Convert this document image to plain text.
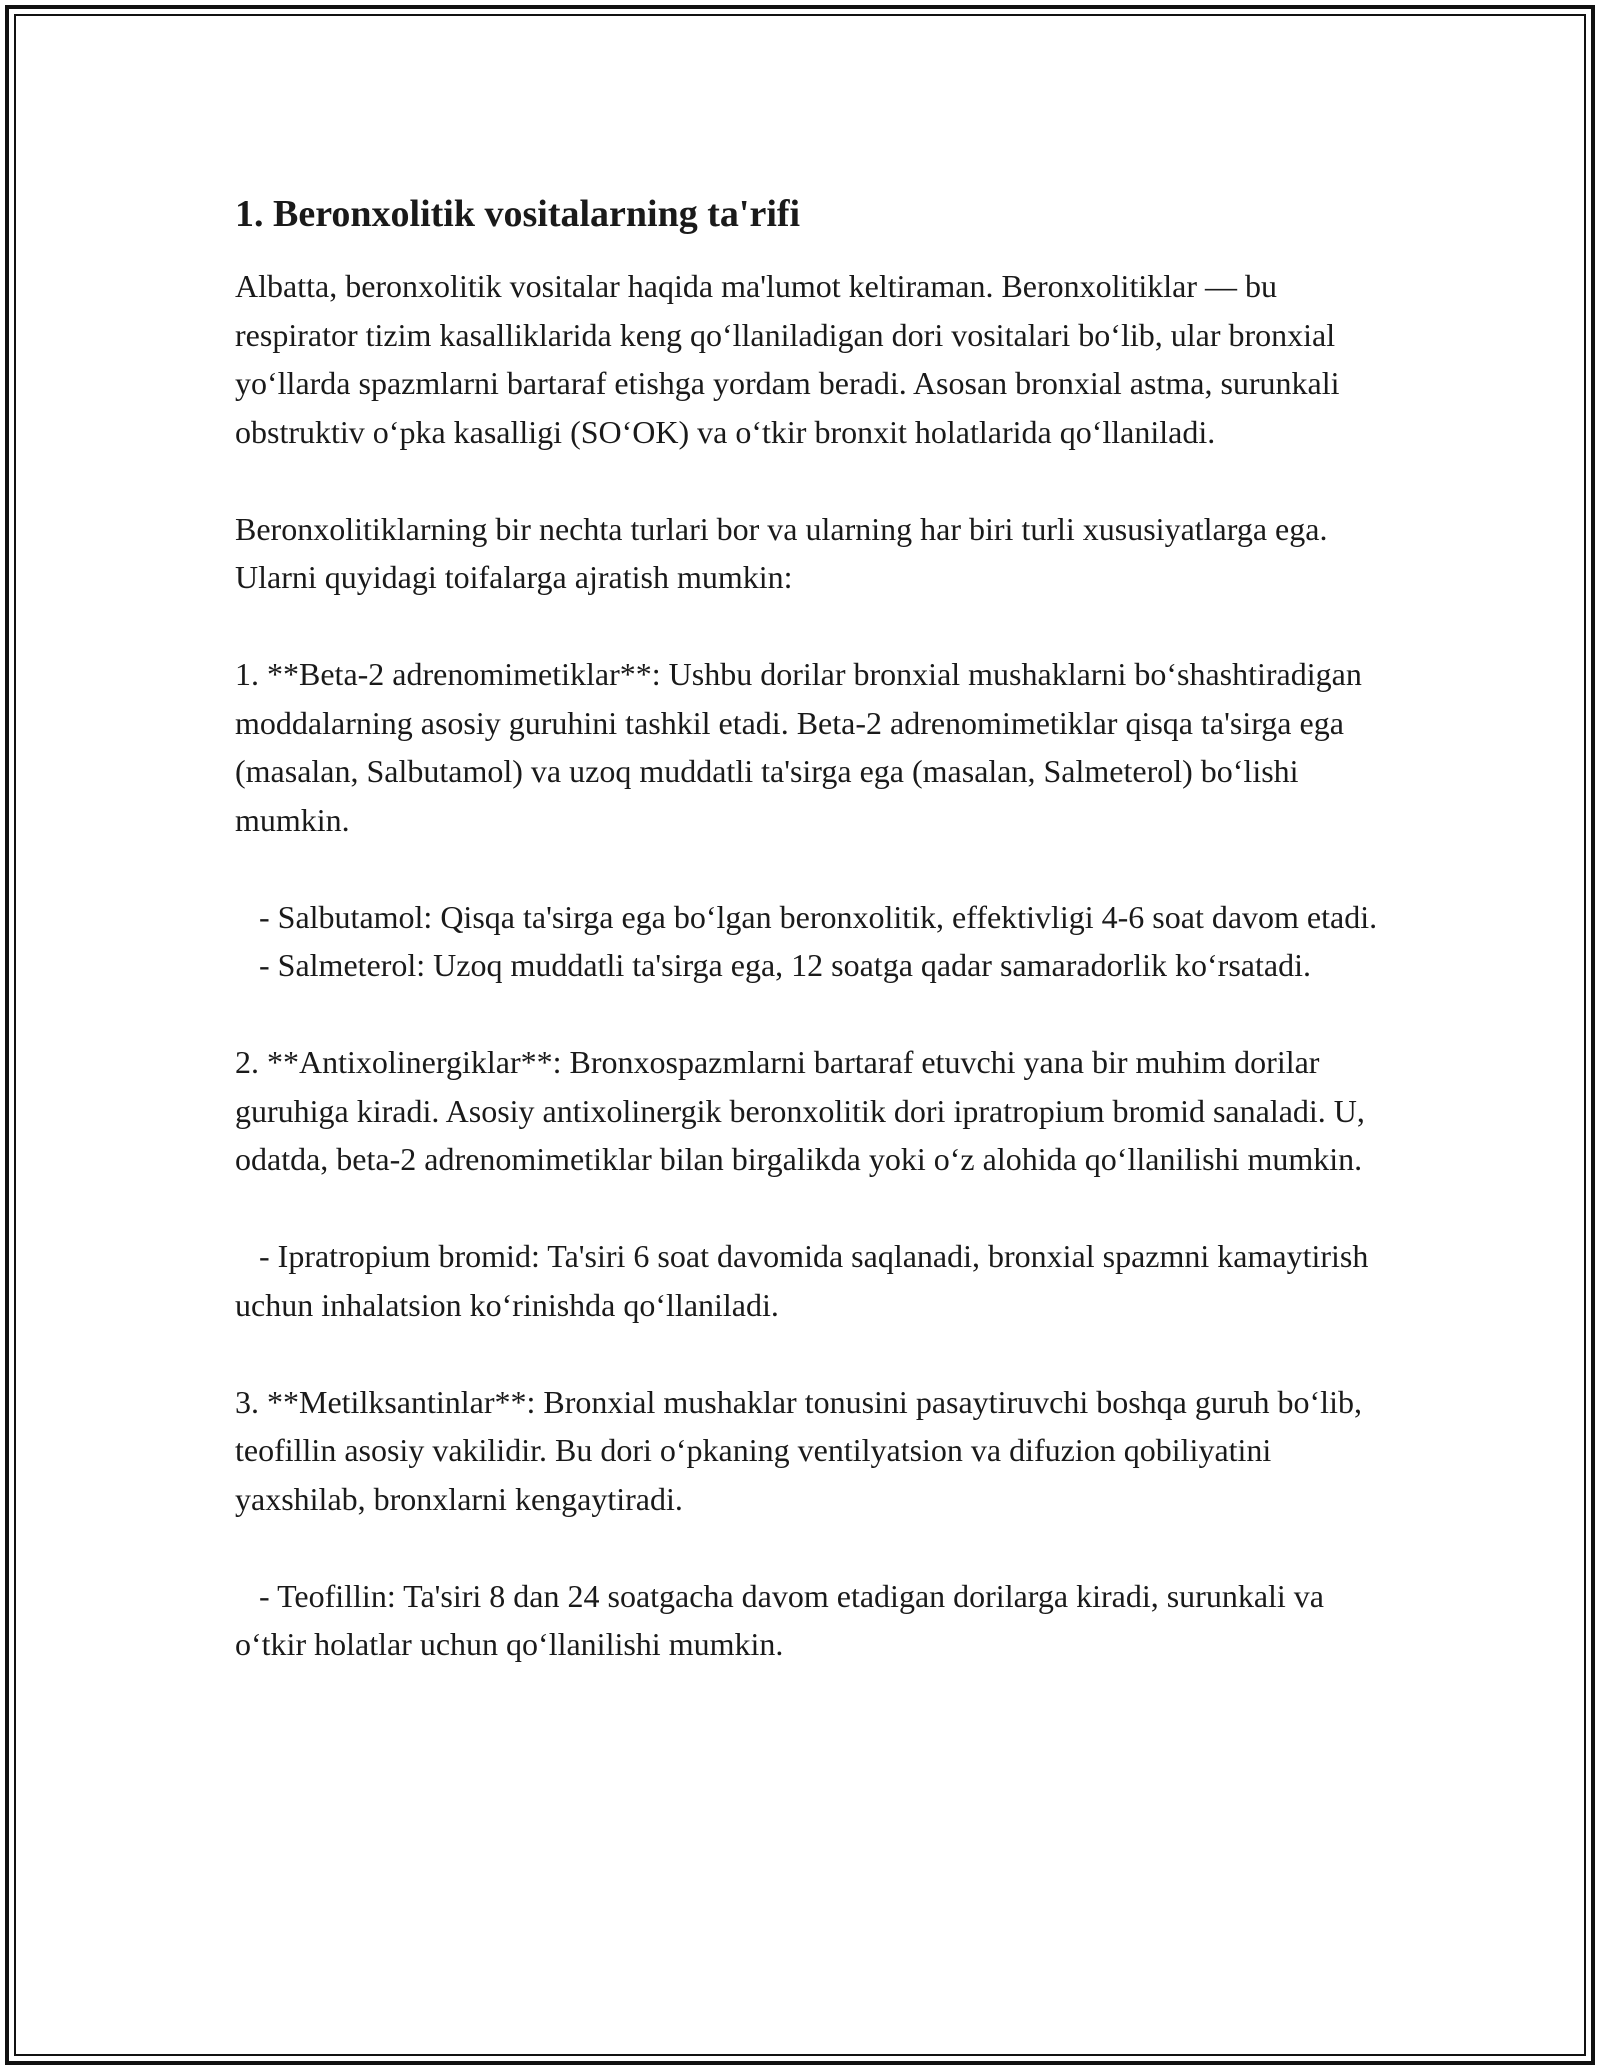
1. Beronxolitik vositalarning ta'rifi

Albatta, beronxolitik vositalar haqida ma'lumot keltiraman. Beronxolitiklar — bu respirator tizim kasalliklarida keng qo‘llaniladigan dori vositalari bo‘lib, ular bronxial yo‘llarda spazmlarni bartaraf etishga yordam beradi. Asosan bronxial astma, surunkali obstruktiv o‘pka kasalligi (SO‘OK) va o‘tkir bronxit holatlarida qo‘llaniladi.

Beronxolitiklarning bir nechta turlari bor va ularning har biri turli xususiyatlarga ega. Ularni quyidagi toifalarga ajratish mumkin:

1. **Beta-2 adrenomimetiklar**: Ushbu dorilar bronxial mushaklarni bo‘shashtiradigan moddalarning asosiy guruhini tashkil etadi. Beta-2 adrenomimetiklar qisqa ta'sirga ega (masalan, Salbutamol) va uzoq muddatli ta'sirga ega (masalan, Salmeterol) bo‘lishi mumkin.

- Salbutamol: Qisqa ta'sirga ega bo‘lgan beronxolitik, effektivligi 4-6 soat davom etadi.
- Salmeterol: Uzoq muddatli ta'sirga ega, 12 soatga qadar samaradorlik ko‘rsatadi.

2. **Antixolinergiklar**: Bronxospazmlarni bartaraf etuvchi yana bir muhim dorilar guruhiga kiradi. Asosiy antixolinergik beronxolitik dori ipratropium bromid sanaladi. U, odatda, beta-2 adrenomimetiklar bilan birgalikda yoki o‘z alohida qo‘llanilishi mumkin.

- Ipratropium bromid: Ta'siri 6 soat davomida saqlanadi, bronxial spazmni kamaytirish uchun inhalatsion ko‘rinishda qo‘llaniladi.

3. **Metilksantinlar**: Bronxial mushaklar tonusini pasaytiruvchi boshqa guruh bo‘lib, teofillin asosiy vakilidir. Bu dori o‘pkaning ventilyatsion va difuzion qobiliyatini yaxshilab, bronxlarni kengaytiradi.

- Teofillin: Ta'siri 8 dan 24 soatgacha davom etadigan dorilarga kiradi, surunkali va o‘tkir holatlar uchun qo‘llanilishi mumkin.
